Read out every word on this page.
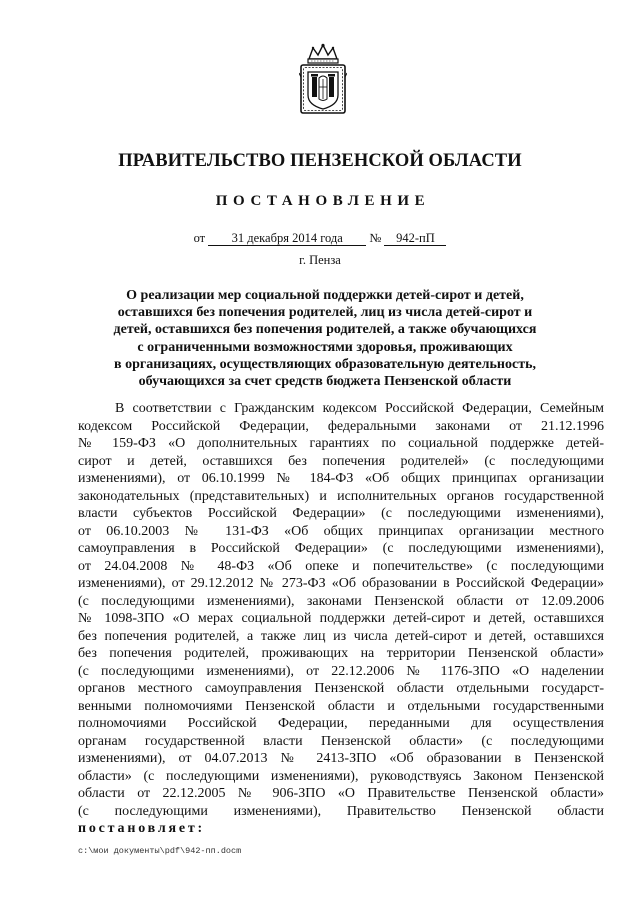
ПРАВИТЕЛЬСТВО ПЕНЗЕНСКОЙ ОБЛАСТИ
ПОСТАНОВЛЕНИЕ
от 31 декабря 2014 года № 942-пП
г. Пенза
О реализации мер социальной поддержки детей-сирот и детей,
оставшихся без попечения родителей, лиц из числа детей-сирот и
детей, оставшихся без попечения родителей, а также обучающихся
с ограниченными возможностями здоровья, проживающих
в организациях, осуществляющих образовательную деятельность,
обучающихся за счет средств бюджета Пензенской области
В соответствии с Гражданским кодексом Российской Федерации, Семейным
кодексом Российской Федерации, федеральными законами от 21.12.1996
№ 159-ФЗ «О дополнительных гарантиях по социальной поддержке детей-
сирот и детей, оставшихся без попечения родителей» (с последующими
изменениями), от 06.10.1999 № 184-ФЗ «Об общих принципах организации
законодательных (представительных) и исполнительных органов государственной
власти субъектов Российской Федерации» (с последующими изменениями),
от 06.10.2003 № 131-ФЗ «Об общих принципах организации местного
самоуправления в Российской Федерации» (с последующими изменениями),
от 24.04.2008 № 48-ФЗ «Об опеке и попечительстве» (с последующими
изменениями), от 29.12.2012 № 273-ФЗ «Об образовании в Российской Федерации»
(с последующими изменениями), законами Пензенской области от 12.09.2006
№ 1098-ЗПО «О мерах социальной поддержки детей-сирот и детей, оставшихся
без попечения родителей, а также лиц из числа детей-сирот и детей, оставшихся
без попечения родителей, проживающих на территории Пензенской области»
(с последующими изменениями), от 22.12.2006 № 1176-ЗПО «О наделении
органов местного самоуправления Пензенской области отдельными государст-
венными полномочиями Пензенской области и отдельными государственными
полномочиями Российской Федерации, переданными для осуществления
органам государственной власти Пензенской области» (с последующими
изменениями), от 04.07.2013 № 2413-ЗПО «Об образовании в Пензенской
области» (с последующими изменениями), руководствуясь Законом Пензенской
области от 22.12.2005 № 906-ЗПО «О Правительстве Пензенской области»
(с последующими изменениями), Правительство Пензенской области
постановляет:
c:\мои документы\pdf\942-пп.docm
